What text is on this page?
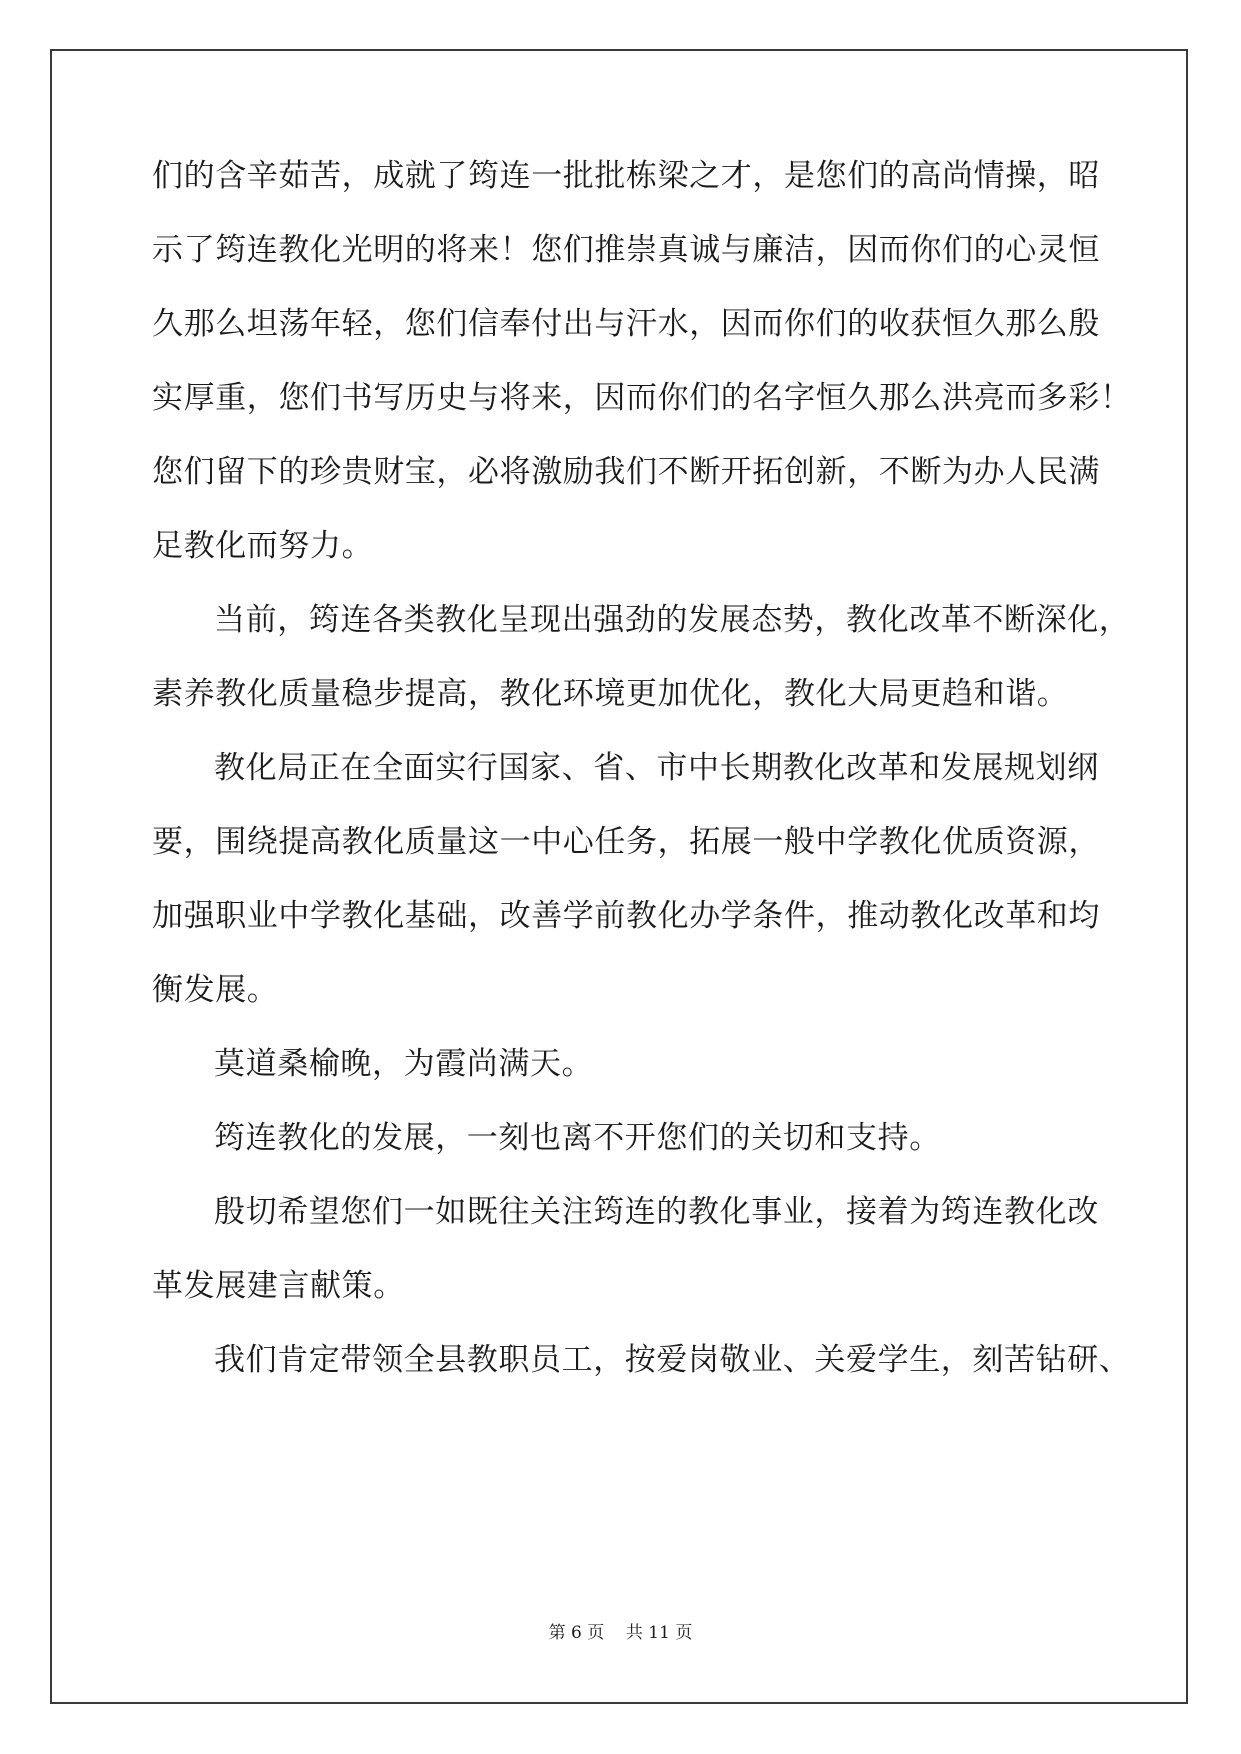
们的含辛茹苦，成就了筠连一批批栋梁之才，是您们的高尚情操，昭
示了筠连教化光明的将来！您们推崇真诚与廉洁，因而你们的心灵恒
久那么坦荡年轻，您们信奉付出与汗水，因而你们的收获恒久那么殷
实厚重，您们书写历史与将来，因而你们的名字恒久那么洪亮而多彩！
您们留下的珍贵财宝，必将激励我们不断开拓创新，不断为办人民满
足教化而努力。
当前，筠连各类教化呈现出强劲的发展态势，教化改革不断深化，
素养教化质量稳步提高，教化环境更加优化，教化大局更趋和谐。
教化局正在全面实行国家、省、市中长期教化改革和发展规划纲
要，围绕提高教化质量这一中心任务，拓展一般中学教化优质资源，
加强职业中学教化基础，改善学前教化办学条件，推动教化改革和均
衡发展。
莫道桑榆晚，为霞尚满天。
筠连教化的发展，一刻也离不开您们的关切和支持。
殷切希望您们一如既往关注筠连的教化事业，接着为筠连教化改
革发展建言献策。
我们肯定带领全县教职员工，按爱岗敬业、关爱学生，刻苦钻研、
第 6 页 共 11 页
